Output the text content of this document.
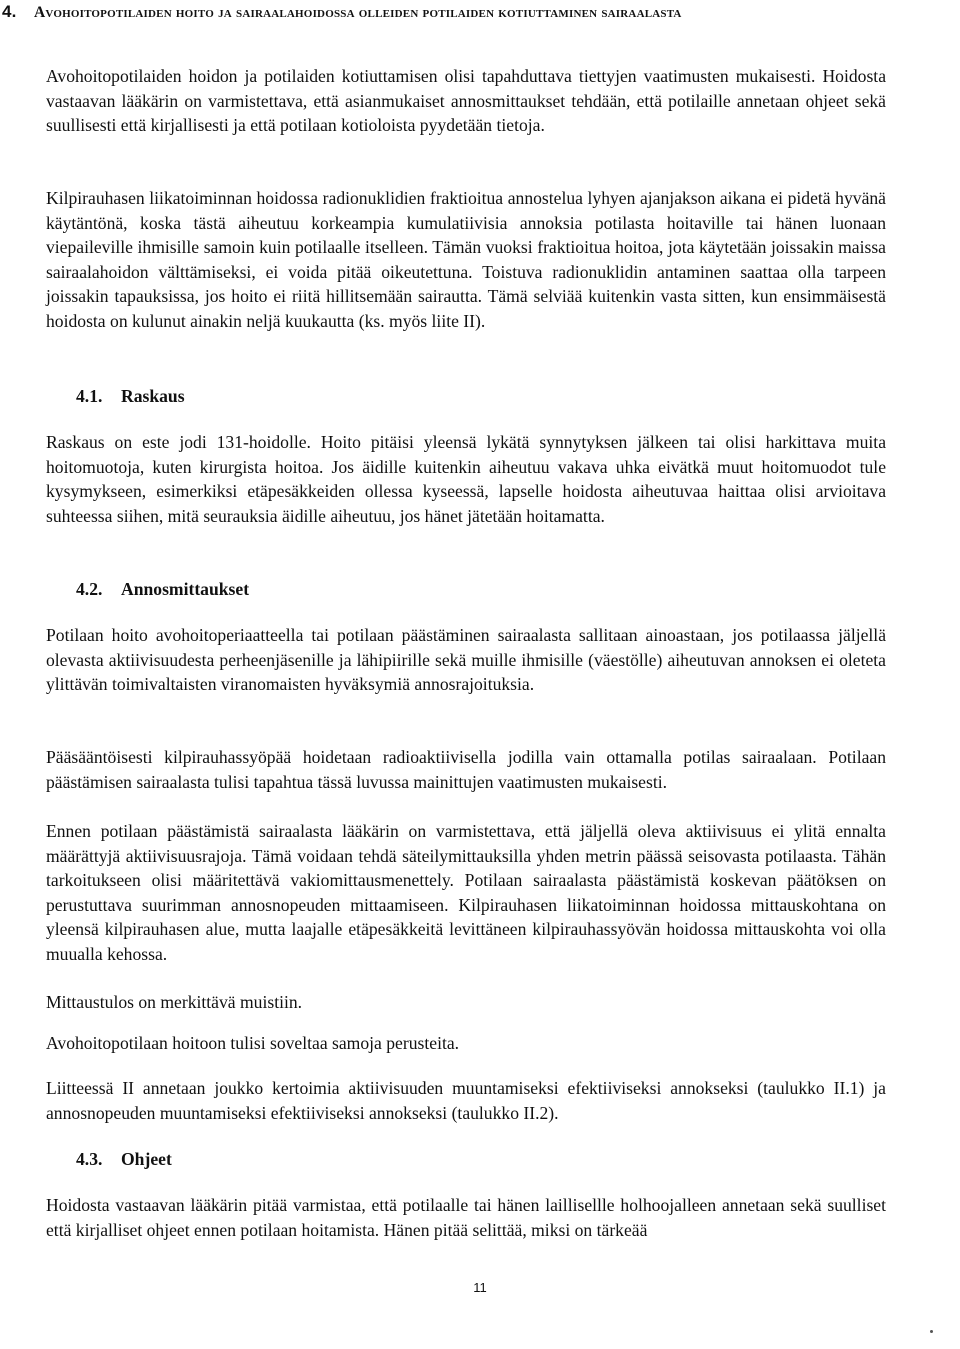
4. Avohoitopotilaiden hoito ja sairaalahoidossa olleiden potilaiden kotiuttaminen sairaalasta

Avohoitopotilaiden hoidon ja potilaiden kotiuttamisen olisi tapahduttava tiettyjen vaatimusten mukaisesti. Hoidosta vastaavan lääkärin on varmistettava, että asianmukaiset annosmittaukset tehdään, että potilaille annetaan ohjeet sekä suullisesti että kirjallisesti ja että potilaan kotioloista pyydetään tietoja.

Kilpirauhasen liikatoiminnan hoidossa radionuklidien fraktioitua annostelua lyhyen ajanjakson aikana ei pidetä hyvänä käytäntönä, koska tästä aiheutuu korkeampia kumulatiivisia annoksia potilasta hoitaville tai hänen luonaan viераileville ihmisille samoin kuin potilaalle itselleen. Tämän vuoksi fraktioitua hoitoa, jota käytetään joissakin maissa sairaalahoidon välttämiseksi, ei voida pitää oikeutettuna. Toistuva radionuklidin antaminen saattaa olla tarpeen joissakin tapauksissa, jos hoito ei riitä hillitsemään sairautta. Tämä selviää kuitenkin vasta sitten, kun ensimmäisestä hoidosta on kulunut ainakin neljä kuukautta (ks. myös liite II).

4.1. Raskaus

Raskaus on este jodi 131-hoidolle. Hoito pitäisi yleensä lykätä synnytyksen jälkeen tai olisi harkittava muita hoitomuotoja, kuten kirurgista hoitoa. Jos äidille kuitenkin aiheutuu vakava uhka eivätkä muut hoitomuodot tule kysymykseen, esimerkiksi etäpesäkkeiden ollessa kyseessä, lapselle hoidosta aiheutuvaa haittaa olisi arvioitava suhteessa siihen, mitä seurauksia äidille aiheutuu, jos hänet jätetään hoitamatta.

4.2. Annosmittaukset

Potilaan hoito avohoitoperiaatteella tai potilaan päästäminen sairaalasta sallitaan ainoastaan, jos potilaassa jäljellä olevasta aktiivisuudesta perheenjäsenille ja lähipiirille sekä muille ihmisille (väestölle) aiheutuvan annoksen ei oleteta ylittävän toimivaltaisten viranomaisten hyväksymiä annosrajoituksia.

Pääsääntöisesti kilpirauhassyöpää hoidetaan radioaktiivisella jodilla vain ottamalla potilas sairaalaan. Potilaan päästämisen sairaalasta tulisi tapahtua tässä luvussa mainittujen vaatimusten mukaisesti.

Ennen potilaan päästämistä sairaalasta lääkärin on varmistettava, että jäljellä oleva aktiivisuus ei ylitä ennalta määrättyjä aktiivisuusrajoja. Tämä voidaan tehdä säteilymittauksilla yhden metrin päässä seisovasta potilaasta. Tähän tarkoitukseen olisi määritettävä vakiomittausmenettely. Potilaan sairaalasta päästämistä koskevan päätöksen on perustuttava suurimman annosnopeuden mittaamiseen. Kilpirauhasen liikatoiminnan hoidossa mittauskohtana on yleensä kilpirauhasen alue, mutta laajalle etäpesäkkeitä levittäneen kilpirauhassyövän hoidossa mittauskohta voi olla muualla kehossa.

Mittaustulos on merkittävä muistiin.

Avohoitopotilaan hoitoon tulisi soveltaa samoja perusteita.

Liitteessä II annetaan joukko kertoimia aktiivisuuden muuntamiseksi efektiiviseksi annokseksi (taulukko II.1) ja annosnopeuden muuntamiseksi efektiiviseksi annokseksi (taulukko II.2).

4.3. Ohjeet

Hoidosta vastaavan lääkärin pitää varmistaa, että potilaalle tai hänen laillisellle holhoojalleen annetaan sekä suulliset että kirjalliset ohjeet ennen potilaan hoitamista. Hänen pitää selittää, miksi on tärkeää

11
